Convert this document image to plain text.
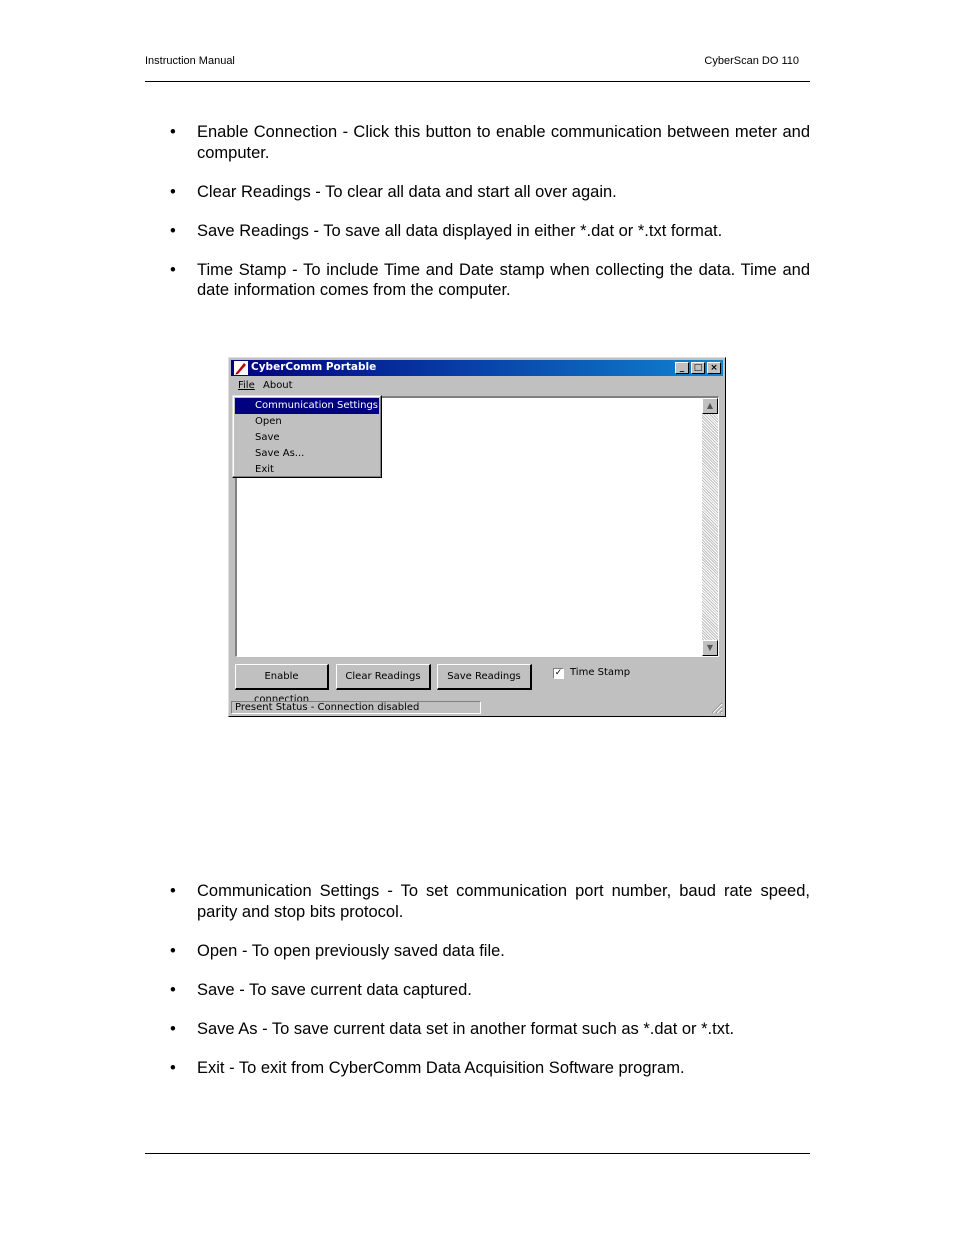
Instruction Manual	CyberScan DO 110
• Enable Connection - Click this button to enable communication between meter and computer.
• Clear Readings - To clear all data and start all over again.
• Save Readings - To save all data displayed in either *.dat or *.txt format.
• Time Stamp - To include Time and Date stamp when collecting the data. Time and date information comes from the computer.
CyberComm Portable	_	□ ×
File About
▲
▼
Enable connection
Clear Readings	Save Readings	✓ Time Stamp
Present Status - Connection disabled
Communication Settings
Open
Save
Save As...
Exit
• Communication Settings - To set communication port number, baud rate speed, parity and stop bits protocol.
• Open - To open previously saved data file.
• Save - To save current data captured.
• Save As - To save current data set in another format such as *.dat or *.txt.
• Exit - To exit from CyberComm Data Acquisition Software program.
